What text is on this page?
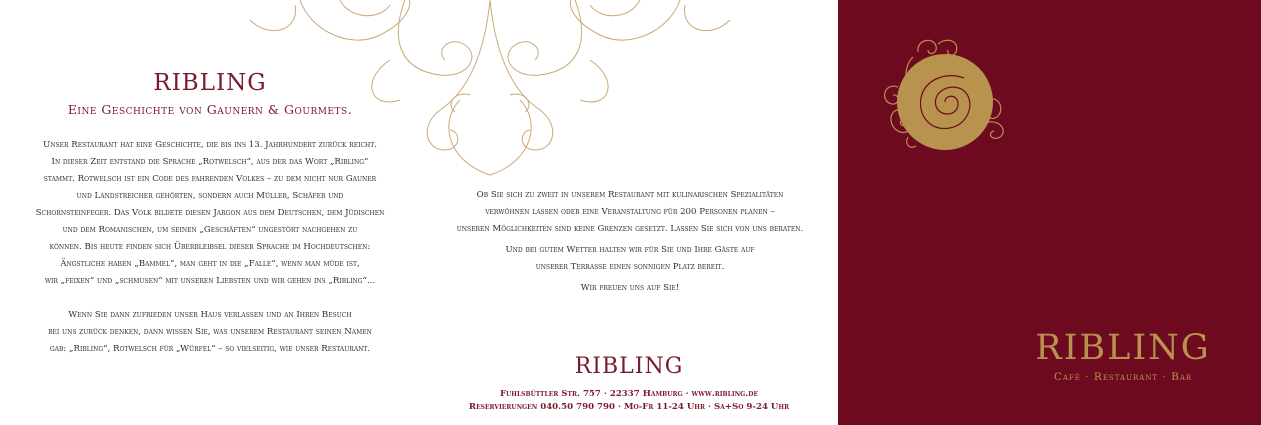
RIBLING
Eine Geschichte von Gaunern & Gourmets.

Unser Restaurant hat eine Geschichte, die bis ins 13. Jahrhundert zurück reicht.
In dieser Zeit entstand die Sprache „Rotwelsch“, aus der das Wort „Ribling“
stammt. Rotwelsch ist ein Code des fahrenden Volkes – zu dem nicht nur Gauner
und Landstreicher gehörten, sondern auch Müller, Schäfer und
Schornsteinfeger. Das Volk bildete diesen Jargon aus dem Deutschen, dem Jüdischen
und dem Romanischen, um seinen „Geschäften“ ungestört nachgehen zu
können. Bis heute finden sich Überbleibsel dieser Sprache im Hochdeutschen:
Ängstliche haben „Bammel“, man geht in die „Falle“, wenn man müde ist,
wir „feixen“ und „schmusen“ mit unseren Liebsten und wir gehen ins „Ribling“...

Wenn Sie dann zufrieden unser Haus verlassen und an Ihren Besuch
bei uns zurück denken, dann wissen Sie, was unserem Restaurant seinen Namen
gab: „Ribling“, Rotwelsch für „Würfel“ – so vielseitig, wie unser Restaurant.

Ob Sie sich zu zweit in unserem Restaurant mit kulinarischen Spezialitäten
verwöhnen lassen oder eine Veranstaltung für 200 Personen planen –
unseren Möglichkeiten sind keine Grenzen gesetzt. Lassen Sie sich von uns beraten.

Und bei gutem Wetter halten wir für Sie und Ihre Gäste auf
unserer Terrasse einen sonnigen Platz bereit.

Wir freuen uns auf Sie!

RIBLING
Fuhlsbüttler Str. 757 · 22337 Hamburg · www.ribling.de
Reservierungen 040.50 790 790 · Mo-Fr 11-24 Uhr · Sa+So 9-24 Uhr
RIBLING
Café · Restaurant · Bar
